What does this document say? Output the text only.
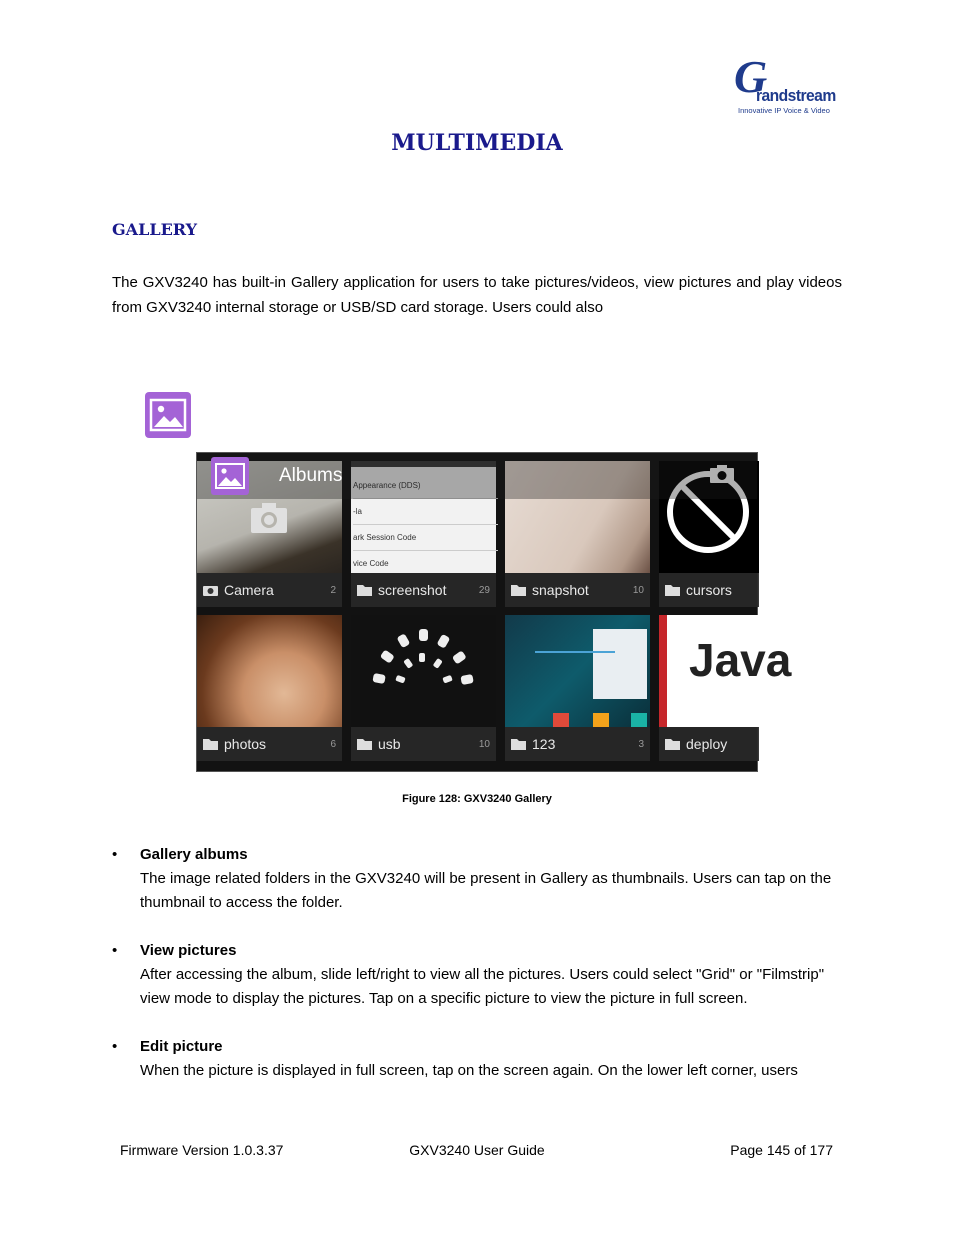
G
randstream
Innovative IP Voice & Video
MULTIMEDIA
GALLERY

The GXV3240 has built-in Gallery application for users to take pictures/videos, view pictures and play videos from GXV3240 internal storage or USB/SD card storage. Users could also

Camera	2
Appearance (DDS)
-la
ark Session Code
vice Code
screenshot	29	snapshot	10	cursors
photos	6	usb	10	123	3
Java
deploy
Albums
Figure 128: GXV3240 Gallery
• Gallery albums
The image related folders in the GXV3240 will be present in Gallery as thumbnails. Users can tap on the thumbnail to access the folder.
• View pictures
After accessing the album, slide left/right to view all the pictures. Users could select "Grid" or "Filmstrip" view mode to display the pictures. Tap on a specific picture to view the picture in full screen.
• Edit picture
When the picture is displayed in full screen, tap on the screen again. On the lower left corner, users
Firmware Version 1.0.3.37	GXV3240 User Guide	Page 145 of 177
